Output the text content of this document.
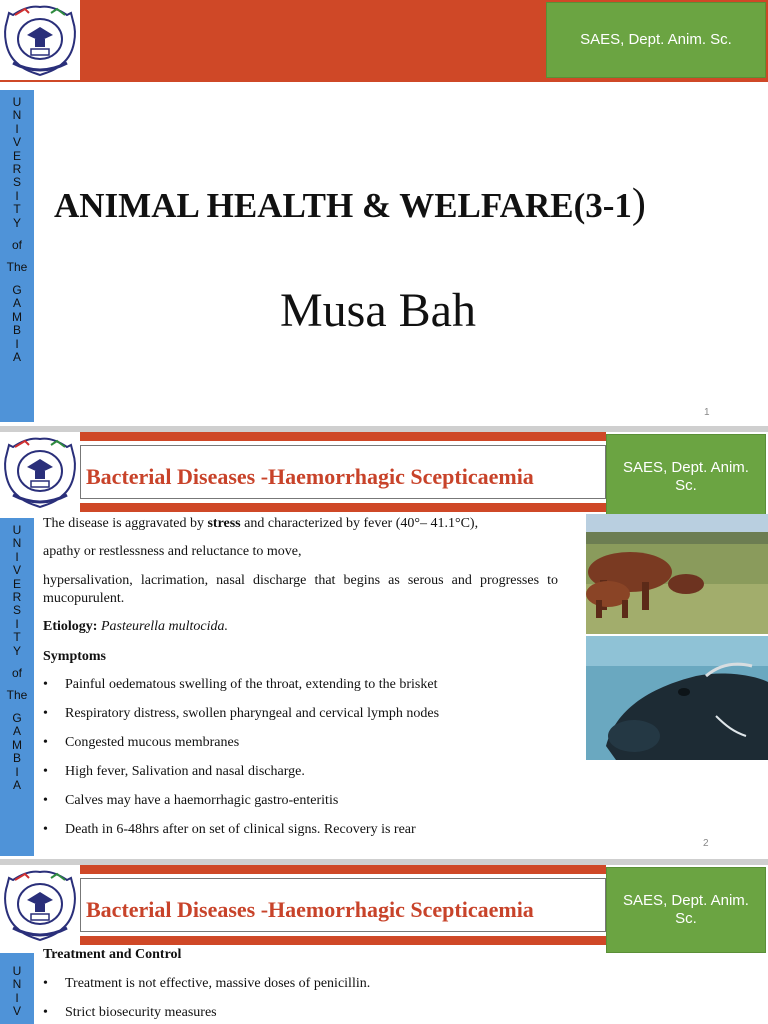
SAES, Dept. Anim. Sc.
U
N
I
V
E
R
S
I
T
Y
of
The
G
A
M
B
I
A
ANIMAL HEALTH & WELFARE(3-1)
Musa Bah
1
Bacterial Diseases -Haemorrhagic Scepticaemia	SAES, Dept. Anim. Sc.
U
N
I
V
E
R
S
I
T
Y
of
The
G
A
M
B
I
A

The disease is aggravated by stress and characterized by fever (40°– 41.1°C),

apathy or restlessness and reluctance to move,

hypersalivation, lacrimation, nasal discharge that begins as serous and progresses to mucopurulent.

Etiology: Pasteurella multocida.

Symptoms

• Painful oedematous swelling of the throat, extending to the brisket
• Respiratory distress, swollen pharyngeal and cervical lymph nodes
• Congested mucous membranes
• High fever, Salivation and nasal discharge.
• Calves may have a haemorrhagic gastro-enteritis
• Death in 6-48hrs after on set of clinical signs. Recovery is rear
2
Bacterial Diseases -Haemorrhagic Scepticaemia	SAES, Dept. Anim. Sc.
U
N
I
V

Treatment and Control

• Treatment is not effective, massive doses of penicillin.
• Strict biosecurity measures
